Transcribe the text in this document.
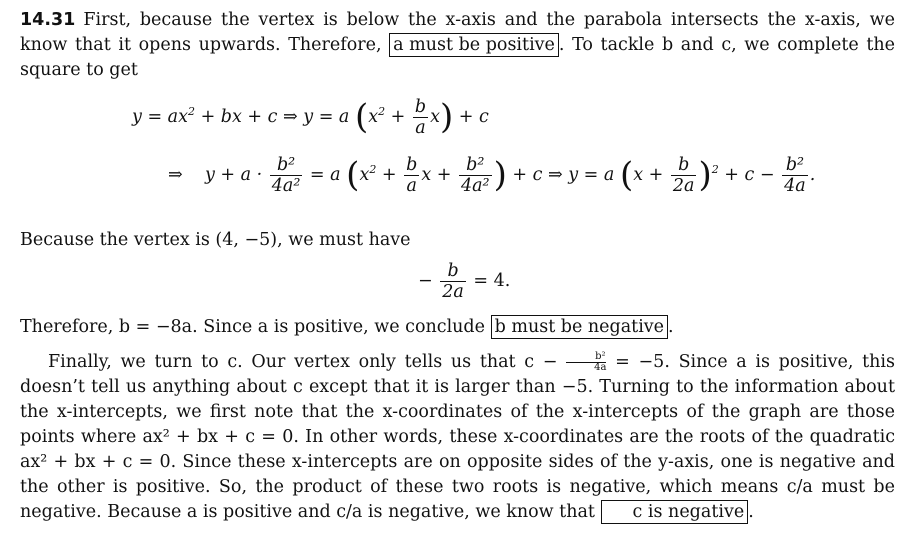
14.31 First, because the vertex is below the x-axis and the parabola intersects the x-axis, we know that it opens upwards. Therefore, a must be positive . To tackle b and c, we complete the square to get

$y = ax^2$ + bx + c ⇒ y = a $(x^2 + \frac{b}{a} x) + c$
⇒ $y + a \cdot \frac{\text{b²}}{\text{4a²}} = a$ ($x^2 + \frac{b}{a}$ $x + \frac{\text{b²}}{\text{4a²}}$ ) + c ⇒ y = a $(x + \frac{b}{2a} )^2 + c - \frac{\text{b²}}{4a}$ .

Because the vertex is (4, −5), we must have

− $\frac{b}{2a} = 4$.

Therefore, b = −8a. Since a is positive, we conclude b must be negative .

Finally, we turn to c. Our vertex only tells us that $c - \frac{\text{b²}}{4a} = -5$. Since a is positive, this doesn’t tell us anything about c except that it is larger than −5. Turning to the information about the x-intercepts, we first note that the x-coordinates of the x-intercepts of the graph are those points where ax² + bx + c = 0. In other words, these x-coordinates are the roots of the quadratic ax² + bx + c = 0. Since these x-intercepts are on opposite sides of the y-axis, one is negative and the other is positive. So, the product of these two roots is negative, which means c/a must be negative. Because a is positive and c/a is negative, we know that c is negative .
